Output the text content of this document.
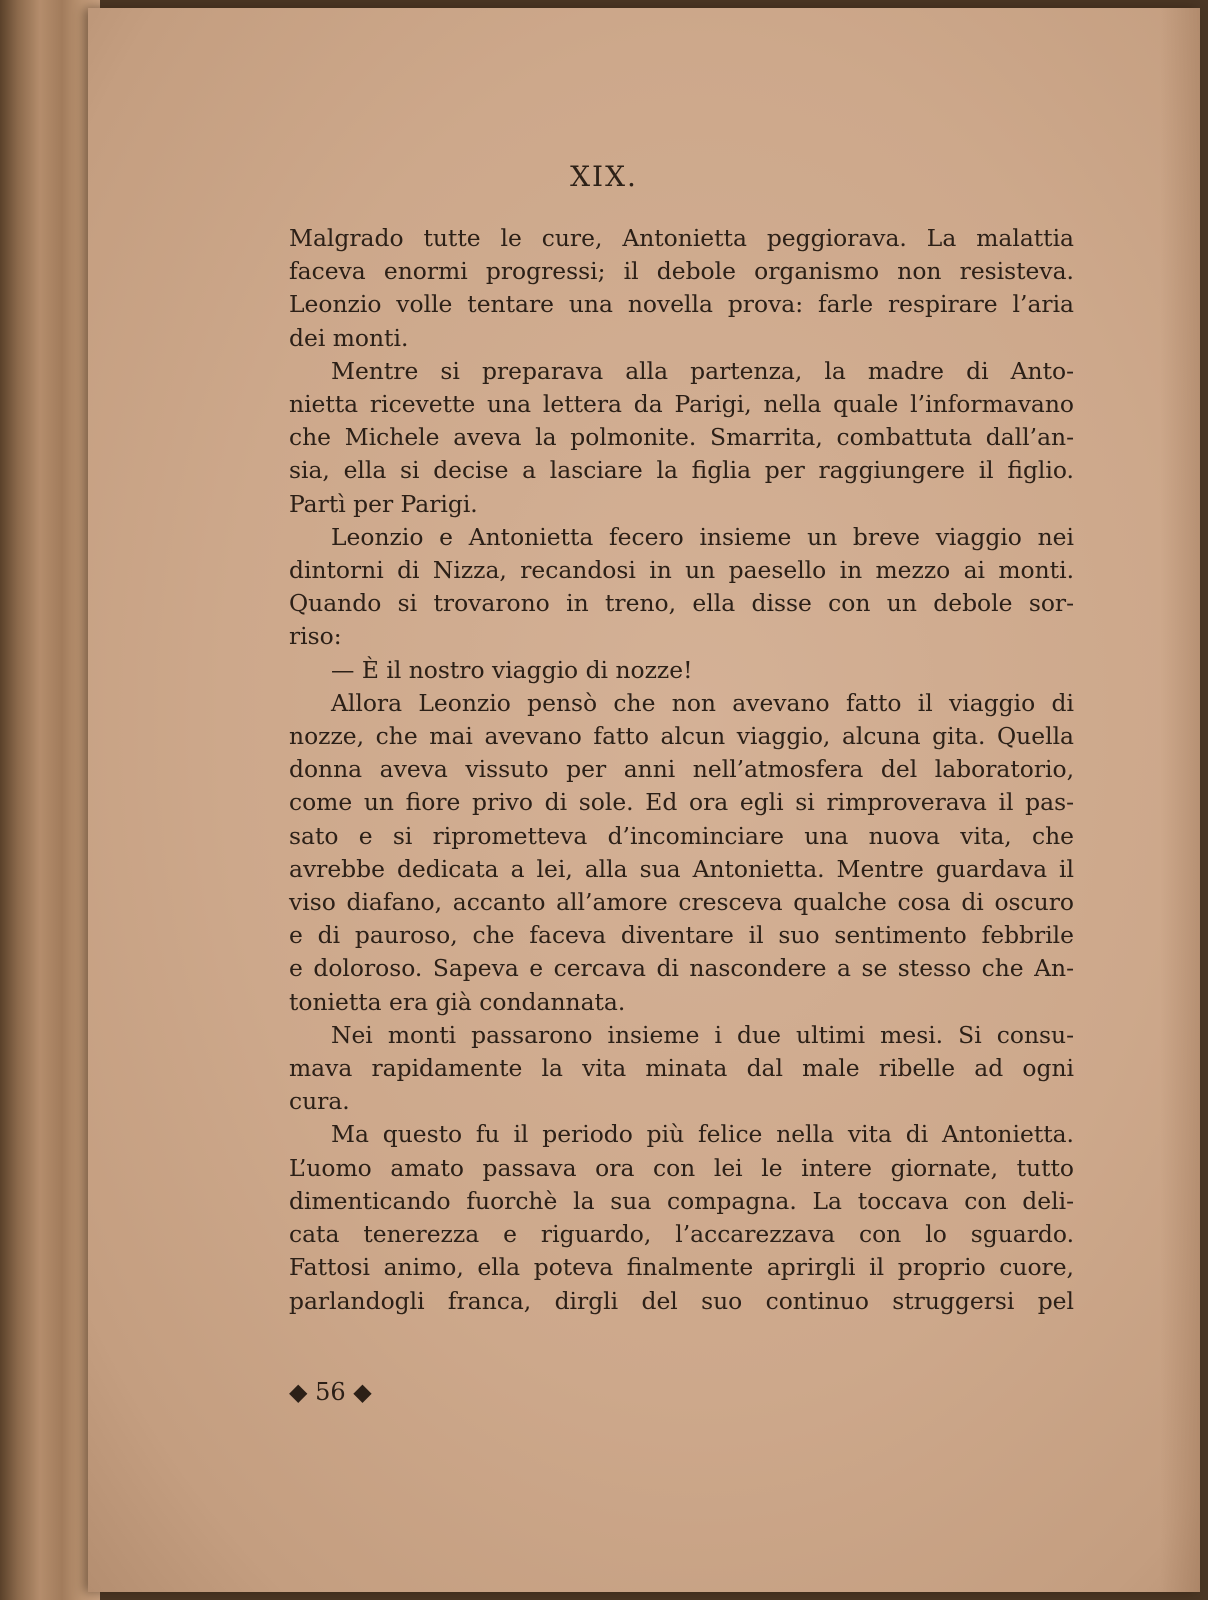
XIX.
Malgrado tutte le cure, Antonietta peggiorava. La malattia
faceva enormi progressi; il debole organismo non resisteva.
Leonzio volle tentare una novella prova: farle respirare l’aria
dei monti.
Mentre si preparava alla partenza, la madre di Anto-
nietta ricevette una lettera da Parigi, nella quale l’informavano
che Michele aveva la polmonite. Smarrita, combattuta dall’an-
sia, ella si decise a lasciare la figlia per raggiungere il figlio.
Partì per Parigi.
Leonzio e Antonietta fecero insieme un breve viaggio nei
dintorni di Nizza, recandosi in un paesello in mezzo ai monti.
Quando si trovarono in treno, ella disse con un debole sor-
riso:
— È il nostro viaggio di nozze!
Allora Leonzio pensò che non avevano fatto il viaggio di
nozze, che mai avevano fatto alcun viaggio, alcuna gita. Quella
donna aveva vissuto per anni nell’atmosfera del laboratorio,
come un fiore privo di sole. Ed ora egli si rimproverava il pas-
sato e si riprometteva d’incominciare una nuova vita, che
avrebbe dedicata a lei, alla sua Antonietta. Mentre guardava il
viso diafano, accanto all’amore cresceva qualche cosa di oscuro
e di pauroso, che faceva diventare il suo sentimento febbrile
e doloroso. Sapeva e cercava di nascondere a se stesso che An-
tonietta era già condannata.
Nei monti passarono insieme i due ultimi mesi. Si consu-
mava rapidamente la vita minata dal male ribelle ad ogni
cura.
Ma questo fu il periodo più felice nella vita di Antonietta.
L’uomo amato passava ora con lei le intere giornate, tutto
dimenticando fuorchè la sua compagna. La toccava con deli-
cata tenerezza e riguardo, l’accarezzava con lo sguardo.
Fattosi animo, ella poteva finalmente aprirgli il proprio cuore,
parlandogli franca, dirgli del suo continuo struggersi pel
◆ 56 ◆
